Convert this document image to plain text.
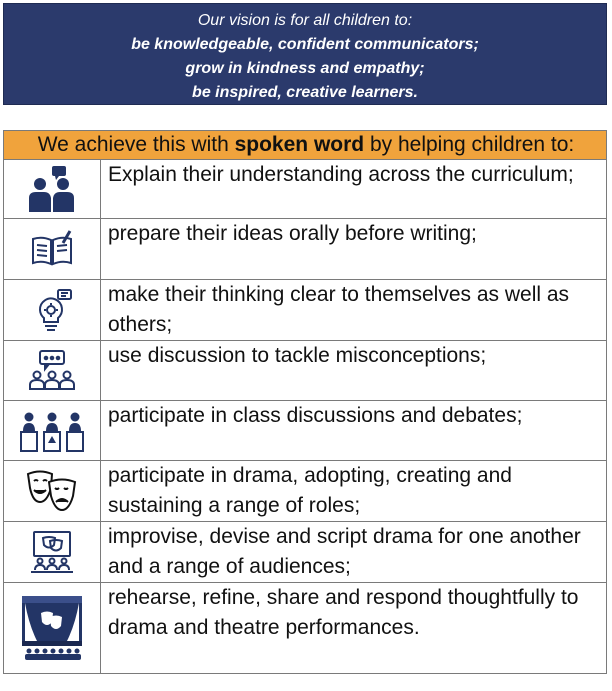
Our vision is for all children to:
be knowledgeable, confident communicators;
grow in kindness and empathy;
be inspired, creative learners.
We achieve this with spoken word by helping children to:	

	Explain their understanding across the curriculum;

	prepare their ideas orally before writing;

	make their thinking clear to themselves as well as others;

	use discussion to tackle misconceptions;

	participate in class discussions and debates;

	participate in drama, adopting, creating and sustaining a range of roles;

	improvise, devise and script drama for one another and a range of audiences;

	rehearse, refine, share and respond thoughtfully to drama and theatre performances.
